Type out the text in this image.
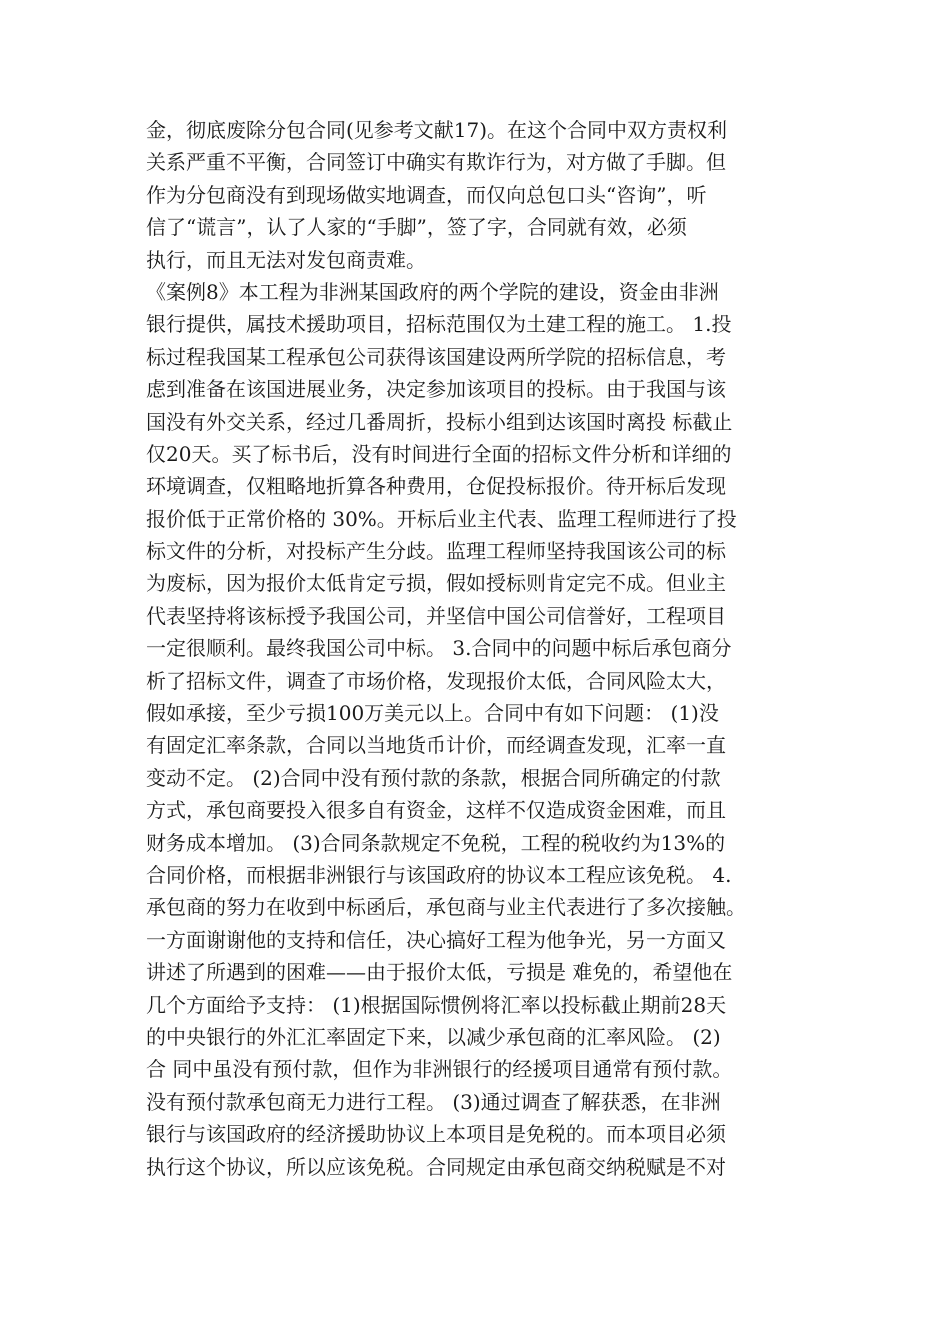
金，彻底废除分包合同(见参考文献17)。在这个合同中双方责权利
关系严重不平衡，合同签订中确实有欺诈行为，对方做了手脚。但
作为分包商没有到现场做实地调查，而仅向总包口头“咨询”，听
信了“谎言”，认了人家的“手脚”，签了字，合同就有效，必须
执行，而且无法对发包商责难。
《案例8》本工程为非洲某国政府的两个学院的建设，资金由非洲
银行提供，属技术援助项目，招标范围仅为土建工程的施工。 1.投
标过程我国某工程承包公司获得该国建设两所学院的招标信息，考
虑到准备在该国进展业务，决定参加该项目的投标。由于我国与该
国没有外交关系，经过几番周折，投标小组到达该国时离投 标截止
仅20天。买了标书后，没有时间进行全面的招标文件分析和详细的
环境调查，仅粗略地折算各种费用，仓促投标报价。待开标后发现
报价低于正常价格的 30%。开标后业主代表、监理工程师进行了投
标文件的分析，对投标产生分歧。监理工程师坚持我国该公司的标
为废标，因为报价太低肯定亏损，假如授标则肯定完不成。但业主
代表坚持将该标授予我国公司，并坚信中国公司信誉好，工程项目
一定很顺利。最终我国公司中标。 3.合同中的问题中标后承包商分
析了招标文件，调查了市场价格，发现报价太低，合同风险太大，
假如承接，至少亏损100万美元以上。合同中有如下问题： (1)没
有固定汇率条款，合同以当地货币计价，而经调查发现，汇率一直
变动不定。 (2)合同中没有预付款的条款，根据合同所确定的付款
方式，承包商要投入很多自有资金，这样不仅造成资金困难，而且
财务成本增加。 (3)合同条款规定不免税，工程的税收约为13%的
合同价格，而根据非洲银行与该国政府的协议本工程应该免税。 4.
承包商的努力在收到中标函后，承包商与业主代表进行了多次接触。
一方面谢谢他的支持和信任，决心搞好工程为他争光，另一方面又
讲述了所遇到的困难——由于报价太低，亏损是 难免的，希望他在
几个方面给予支持： (1)根据国际惯例将汇率以投标截止期前28天
的中央银行的外汇汇率固定下来，以减少承包商的汇率风险。 (2)
合 同中虽没有预付款，但作为非洲银行的经援项目通常有预付款。
没有预付款承包商无力进行工程。 (3)通过调查了解获悉，在非洲
银行与该国政府的经济援助协议上本项目是免税的。而本项目必须
执行这个协议，所以应该免税。合同规定由承包商交纳税赋是不对
